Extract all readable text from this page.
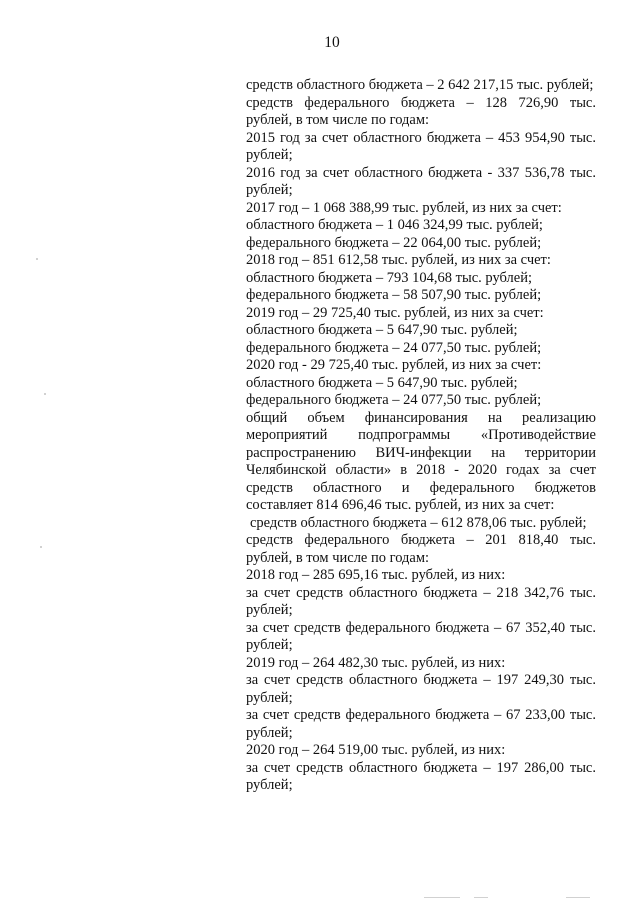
10

средств областного бюджета – 2 642 217,15 тыс. рублей;

средств федерального бюджета – 128 726,90 тыс. рублей, в том числе по годам:

2015 год за счет областного бюджета – 453 954,90 тыс. рублей;

2016 год за счет областного бюджета - 337 536,78 тыс. рублей;

2017 год – 1 068 388,99 тыс. рублей, из них за счет:

областного бюджета – 1 046 324,99 тыс. рублей;

федерального бюджета – 22 064,00 тыс. рублей;

2018 год – 851 612,58 тыс. рублей, из них за счет:

областного бюджета – 793 104,68 тыс. рублей;

федерального бюджета – 58 507,90 тыс. рублей;

2019 год – 29 725,40 тыс. рублей, из них за счет:

областного бюджета – 5 647,90 тыс. рублей;

федерального бюджета – 24 077,50 тыс. рублей;

2020 год - 29 725,40 тыс. рублей, из них за счет:

областного бюджета – 5 647,90 тыс. рублей;

федерального бюджета – 24 077,50 тыс. рублей;

общий объем финансирования на реализацию мероприятий подпрограммы «Противодействие распространению ВИЧ-инфекции на территории Челябинской области» в 2018 - 2020 годах за счет средств областного и федерального бюджетов составляет 814 696,46 тыс. рублей, из них за счет:

средств областного бюджета – 612 878,06 тыс. рублей;

средств федерального бюджета – 201 818,40 тыс. рублей, в том числе по годам:

2018 год – 285 695,16 тыс. рублей, из них:

за счет средств областного бюджета – 218 342,76 тыс. рублей;

за счет средств федерального бюджета – 67 352,40 тыс. рублей;

2019 год – 264 482,30 тыс. рублей, из них:

за счет средств областного бюджета – 197 249,30 тыс. рублей;

за счет средств федерального бюджета – 67 233,00 тыс. рублей;

2020 год – 264 519,00 тыс. рублей, из них:

за счет средств областного бюджета – 197 286,00 тыс. рублей;
